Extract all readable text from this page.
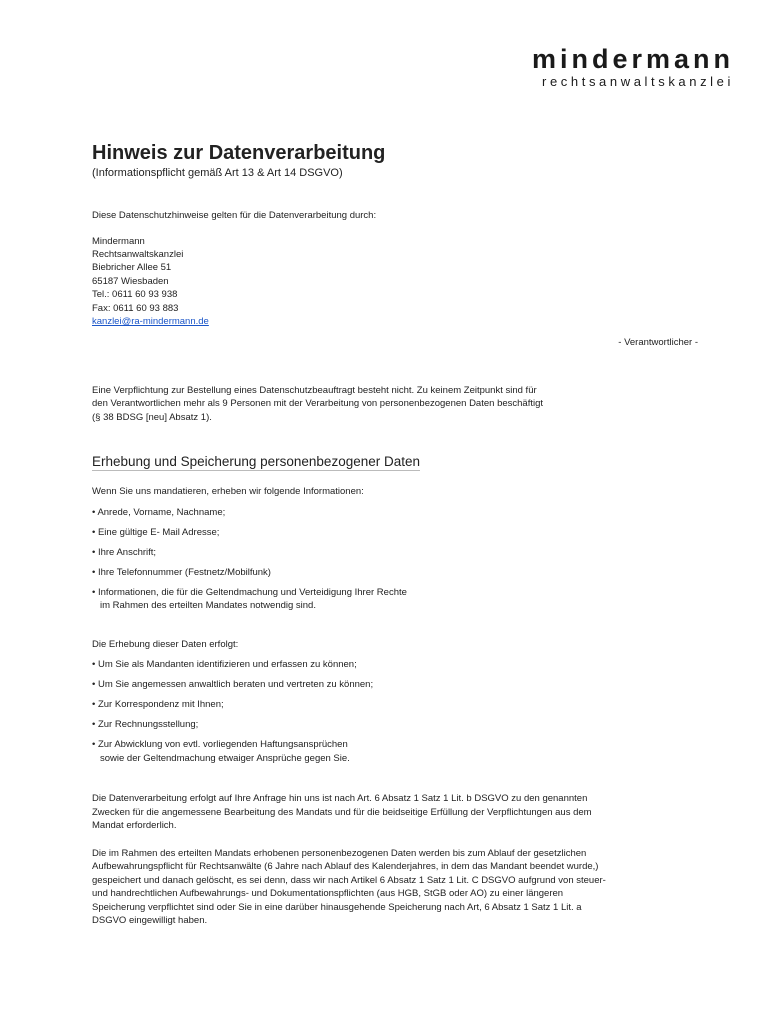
mindermann
rechtsanwaltskanzlei
Hinweis zur Datenverarbeitung
(Informationspflicht gemäß Art 13 & Art 14 DSGVO)
Diese Datenschutzhinweise gelten für die Datenverarbeitung durch:
Mindermann
Rechtsanwaltskanzlei
Biebricher Allee 51
65187 Wiesbaden
Tel.: 0611 60 93 938
Fax: 0611 60 93 883
kanzlei@ra-mindermann.de
- Verantwortlicher -
Eine Verpflichtung zur Bestellung eines Datenschutzbeauftragt besteht nicht. Zu keinem Zeitpunkt sind für
den Verantwortlichen mehr als 9 Personen mit der Verarbeitung von personenbezogenen Daten beschäftigt
(§ 38 BDSG [neu] Absatz 1).
Erhebung und Speicherung personenbezogener Daten
Wenn Sie uns mandatieren, erheben wir folgende Informationen:
• Anrede, Vorname, Nachname;
• Eine gültige E- Mail Adresse;
• Ihre Anschrift;
• Ihre Telefonnummer (Festnetz/Mobilfunk)
• Informationen, die für die Geltendmachung und Verteidigung Ihrer Rechte
im Rahmen des erteilten Mandates notwendig sind.
Die Erhebung dieser Daten erfolgt:
• Um Sie als Mandanten identifizieren und erfassen zu können;
• Um Sie angemessen anwaltlich beraten und vertreten zu können;
• Zur Korrespondenz mit Ihnen;
• Zur Rechnungsstellung;
• Zur Abwicklung von evtl. vorliegenden Haftungsansprüchen
sowie der Geltendmachung etwaiger Ansprüche gegen Sie.
Die Datenverarbeitung erfolgt auf Ihre Anfrage hin uns ist nach Art. 6 Absatz 1 Satz 1 Lit. b DSGVO zu den genannten
Zwecken für die angemessene Bearbeitung des Mandats und für die beidseitige Erfüllung der Verpflichtungen aus dem
Mandat erforderlich.
Die im Rahmen des erteilten Mandats erhobenen personenbezogenen Daten werden bis zum Ablauf der gesetzlichen
Aufbewahrungspflicht für Rechtsanwälte (6 Jahre nach Ablauf des Kalenderjahres, in dem das Mandant beendet wurde,)
gespeichert und danach gelöscht, es sei denn, dass wir nach Artikel 6 Absatz 1 Satz 1 Lit. C DSGVO aufgrund von steuer-
und handrechtlichen Aufbewahrungs- und Dokumentationspflichten (aus HGB, StGB oder AO) zu einer längeren
Speicherung verpflichtet sind oder Sie in eine darüber hinausgehende Speicherung nach Art, 6 Absatz 1 Satz 1 Lit. a
DSGVO eingewilligt haben.
